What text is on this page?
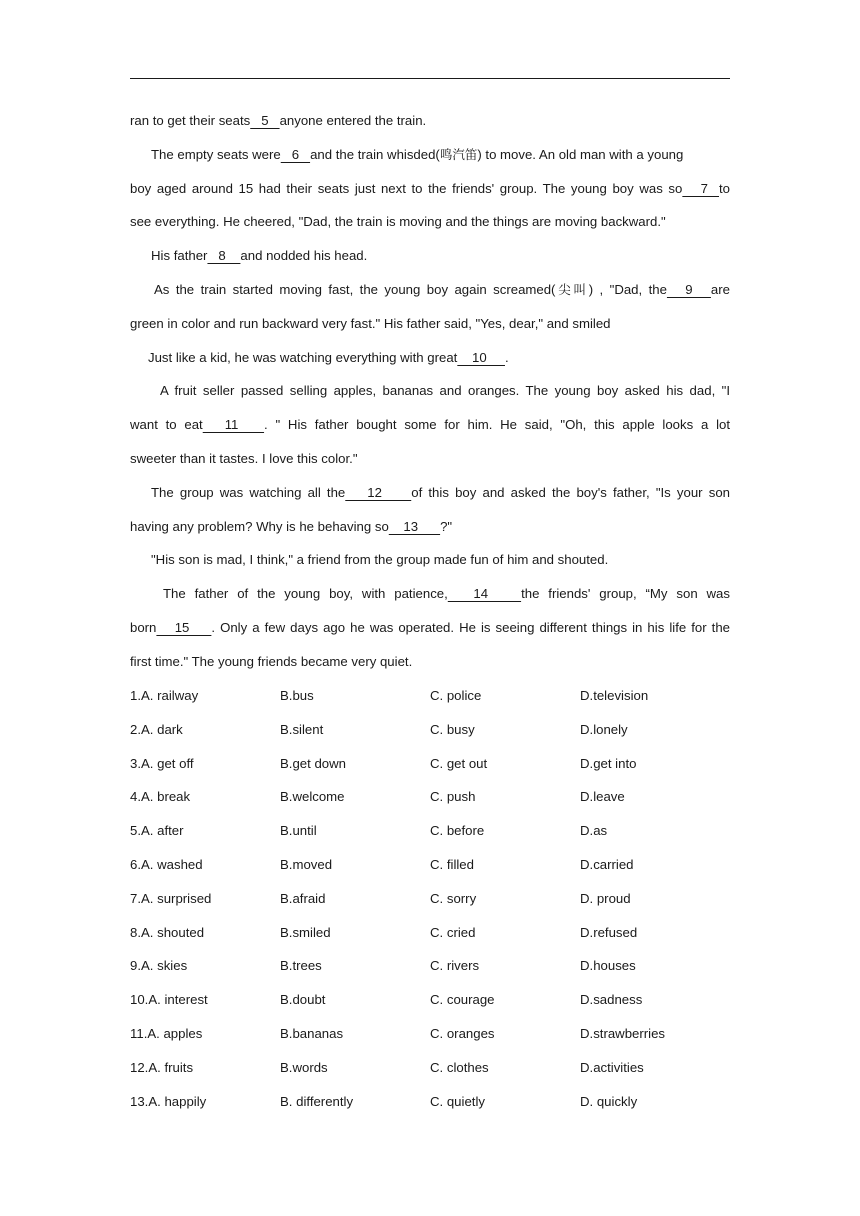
ran to get their seats   5   anyone entered the train.
The empty seats were   6   and the train whisded(鸣汽笛) to move. An old man with a young
boy aged around 15 had their seats just next to the friends' group. The young boy was so     7   to
see everything. He cheered, "Dad, the train is moving and the things are moving backward."
His father   8    and nodded his head.
As the train started moving fast, the young boy again screamed(尖叫) , "Dad, the     9     are
green in color and run backward very fast." His father said, "Yes, dear," and smiled
Just like a kid, he was watching everything with great    10     .
A fruit seller passed selling apples, bananas and oranges. The young boy asked his dad, "I
want to eat      11       . " His father bought some for him. He said, "Oh, this apple looks a lot
sweeter than it tastes. I love this color."
The group was watching all the      12        of this boy and asked the boy's father, "Is your son
having any problem? Why is he behaving so    13      ?"
"His son is mad, I think," a friend from the group made fun of him and shouted.
The father of the young boy, with patience,       14         the friends' group, “My son was
born     15      . Only a few days ago he was operated. He is seeing different things in his life for the
first time." The young friends became very quiet.
1.A. railway	B.bus	C. police	D.television
2.A. dark	B.silent	C. busy	D.lonely
3.A. get off	B.get down	C. get out	D.get into
4.A. break	B.welcome	C. push	D.leave
5.A. after	B.until	C. before	D.as
6.A. washed	B.moved	C. filled	D.carried
7.A. surprised	B.afraid	C. sorry	D. proud
8.A. shouted	B.smiled	C. cried	D.refused
9.A. skies	B.trees	C. rivers	D.houses
10.A. interest	B.doubt	C. courage	D.sadness
11.A. apples	B.bananas	C. oranges	D.strawberries
12.A. fruits	B.words	C. clothes	D.activities
13.A. happily	B. differently	C. quietly	D. quickly
